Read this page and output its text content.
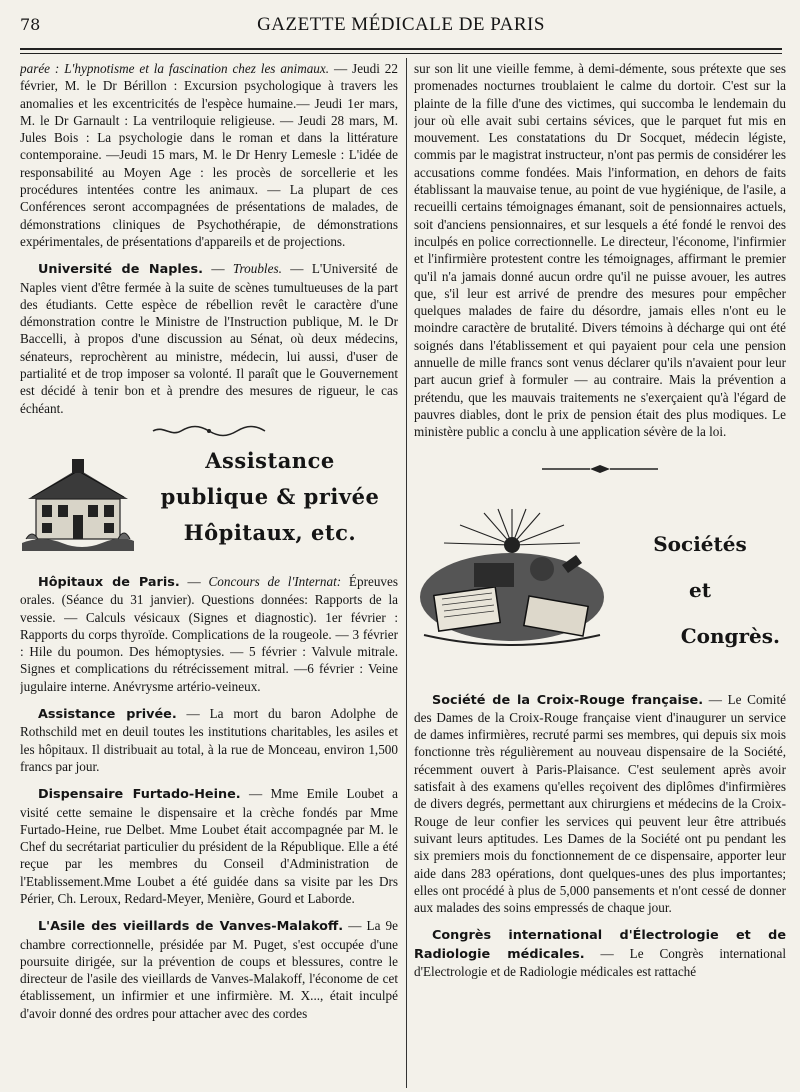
78	GAZETTE MÉDICALE DE PARIS

parée : L'hypnotisme et la fascination chez les animaux. — Jeudi 22 février, M. le Dr Bérillon : Excursion psychologique à travers les anomalies et les excentricités de l'espèce humaine.— Jeudi 1er mars, M. le Dr Garnault : La ventriloquie religieuse. — Jeudi 28 mars, M. Jules Bois : La psychologie dans le roman et dans la littérature contemporaine. —Jeudi 15 mars, M. le Dr Henry Lemesle : L'idée de responsabilité au Moyen Age : les procès de sorcellerie et les procédures intentées contre les animaux. — La plupart de ces Conférences seront accompagnées de présentations de malades, de démonstrations cliniques de Psychothérapie, de démonstrations expérimentales, de présentations d'appareils et de projections.

Université de Naples. — Troubles. — L'Université de Naples vient d'être fermée à la suite de scènes tumultueuses de la part des étudiants. Cette espèce de rébellion revêt le caractère d'une démonstration contre le Ministre de l'Instruction publique, M. le Dr Baccelli, à propos d'une discussion au Sénat, où deux médecins, sénateurs, reprochèrent au ministre, médecin, lui aussi, d'user de partialité et de trop imposer sa volonté. Il paraît que le Gouvernement est décidé à tenir bon et à prendre des mesures de rigueur, le cas échéant.

Assistance
publique & privée
Hôpitaux, etc.

Hôpitaux de Paris. — Concours de l'Internat: Épreuves orales. (Séance du 31 janvier). Questions données: Rapports de la vessie. — Calculs vésicaux (Signes et diagnostic). 1er février : Rapports du corps thyroïde. Complications de la rougeole. — 3 février : Hile du poumon. Des hémoptysies. — 5 février : Valvule mitrale. Signes et complications du rétrécissement mitral. —6 février : Veine jugulaire interne. Anévrysme artério-veineux.

Assistance privée. — La mort du baron Adolphe de Rothschild met en deuil toutes les institutions charitables, les asiles et les hôpitaux. Il distribuait au total, à la rue de Monceau, environ 1,500 francs par jour.

Dispensaire Furtado-Heine. — Mme Emile Loubet a visité cette semaine le dispensaire et la crèche fondés par Mme Furtado-Heine, rue Delbet. Mme Loubet était accompagnée par M. le Chef du secrétariat particulier du président de la République. Elle a été reçue par les membres du Conseil d'Administration de l'Etablissement.Mme Loubet a été guidée dans sa visite par les Drs Périer, Ch. Leroux, Redard-Meyer, Menière, Gourd et Laborde.

L'Asile des vieillards de Vanves-Malakoff. — La 9e chambre correctionnelle, présidée par M. Puget, s'est occupée d'une poursuite dirigée, sur la prévention de coups et blessures, contre le directeur de l'asile des vieillards de Vanves-Malakoff, l'économe de cet établissement, un infirmier et une infirmière. M. X..., était inculpé d'avoir donné des ordres pour attacher avec des cordes

sur son lit une vieille femme, à demi-démente, sous prétexte que ses promenades nocturnes troublaient le calme du dortoir. C'est sur la plainte de la fille d'une des victimes, qui succomba le lendemain du jour où elle avait subi certains sévices, que le parquet fut mis en mouvement. Les constatations du Dr Socquet, médecin légiste, commis par le magistrat instructeur, n'ont pas permis de considérer les accusations comme fondées. Mais l'information, en dehors de faits établissant la mauvaise tenue, au point de vue hygiénique, de l'asile, a recueilli certains témoignages émanant, soit de pensionnaires actuels, soit d'anciens pensionnaires, et sur lesquels a été fondé le renvoi des inculpés en police correctionnelle. Le directeur, l'économe, l'infirmier et l'infirmière protestent contre les témoignages, affirmant le premier qu'il n'a jamais donné aucun ordre qu'il ne puisse avouer, les autres que, s'il leur est arrivé de prendre des mesures pour empêcher quelques malades de faire du désordre, jamais elles n'ont eu le moindre caractère de brutalité. Divers témoins à décharge qui ont été soignés dans l'établissement et qui payaient pour cela une pension annuelle de mille francs sont venus déclarer qu'ils n'avaient pour leur part aucun grief à formuler — au contraire. Mais la prévention a prétendu, que les mauvais traitements ne s'exerçaient qu'à l'égard de pauvres diables, dont le prix de pension était des plus modiques. Le ministère public a conclu à une application sévère de la loi.

Sociétés
et
Congrès.

Société de la Croix-Rouge française. — Le Comité des Dames de la Croix-Rouge française vient d'inaugurer un service de dames infirmières, recruté parmi ses membres, qui depuis six mois fonctionne très régulièrement au nouveau dispensaire de la Société, récemment ouvert à Paris-Plaisance. C'est seulement après avoir satisfait à des examens qu'elles reçoivent des diplômes d'infirmières de divers degrés, permettant aux chirurgiens et médecins de la Croix-Rouge de leur confier les services qui peuvent leur être attribués suivant leurs aptitudes. Les Dames de la Société ont pu pendant les six premiers mois du fonctionnement de ce dispensaire, apporter leur aide dans 283 opérations, dont quelques-unes des plus importantes; elles ont procédé à plus de 5,000 pansements et n'ont cessé de donner aux malades des soins empressés de chaque jour.

Congrès international d'Électrologie et de Radiologie médicales. — Le Congrès international d'Electrologie et de Radiologie médicales est rattaché
